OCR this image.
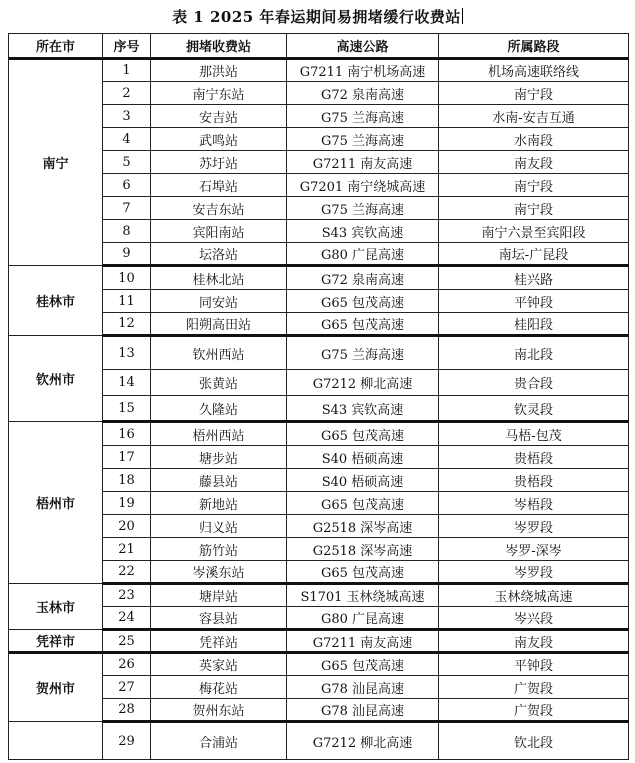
表 1 2025 年春运期间易拥堵缓行收费站
所在市	序号	拥堵收费站	高速公路	所属路段
南宁	1	那洪站	G7211 南宁机场高速	机场高速联络线
	2	南宁东站	G72 泉南高速	南宁段
	3	安吉站	G75 兰海高速	水南-安吉互通
	4	武鸣站	G75 兰海高速	水南段
	5	苏圩站	G7211 南友高速	南友段
	6	石埠站	G7201 南宁绕城高速	南宁段
	7	安吉东站	G75 兰海高速	南宁段
	8	宾阳南站	S43 宾钦高速	南宁六景至宾阳段
	9	坛洛站	G80 广昆高速	南坛-广昆段
桂林市	10	桂林北站	G72 泉南高速	桂兴路
	11	同安站	G65 包茂高速	平钟段
	12	阳朔高田站	G65 包茂高速	桂阳段
钦州市	13	钦州西站	G75 兰海高速	南北段
	14	张黄站	G7212 柳北高速	贵合段
	15	久隆站	S43 宾钦高速	钦灵段
梧州市	16	梧州西站	G65 包茂高速	马梧-包茂
	17	塘步站	S40 梧硕高速	贵梧段
	18	藤县站	S40 梧硕高速	贵梧段
	19	新地站	G65 包茂高速	岑梧段
	20	归义站	G2518 深岑高速	岑罗段
	21	筋竹站	G2518 深岑高速	岑罗-深岑
	22	岑溪东站	G65 包茂高速	岑罗段
玉林市	23	塘岸站	S1701 玉林绕城高速	玉林绕城高速
	24	容县站	G80 广昆高速	岑兴段
凭祥市	25	凭祥站	G7211 南友高速	南友段
贺州市	26	英家站	G65 包茂高速	平钟段
	27	梅花站	G78 汕昆高速	广贺段
	28	贺州东站	G78 汕昆高速	广贺段
	29	合浦站	G7212 柳北高速	钦北段
